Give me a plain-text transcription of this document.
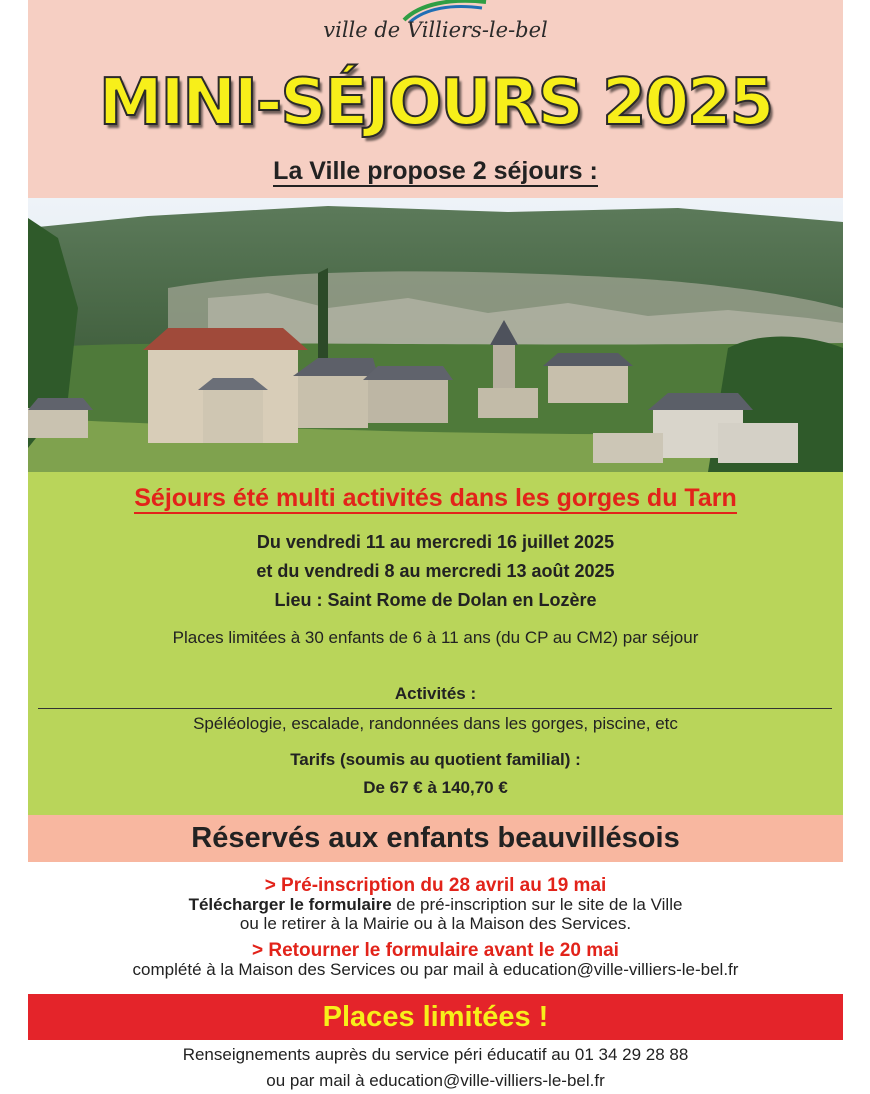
ville de Villiers-le-bel
MINI-SÉJOURS 2025
La Ville propose 2 séjours :
Séjours été multi activités dans les gorges du Tarn
Du vendredi 11 au mercredi 16 juillet 2025
et du vendredi 8 au mercredi 13 août 2025
Lieu : Saint Rome de Dolan en Lozère
Places limitées à 30 enfants de 6 à 11 ans (du CP au CM2) par séjour
Activités :
Spéléologie, escalade, randonnées dans les gorges, piscine, etc
Tarifs (soumis au quotient familial) :
De 67 € à 140,70 €
Réservés aux enfants beauvillésois
> Pré-inscription du 28 avril au 19 mai
Télécharger le formulaire de pré-inscription sur le site de la Ville
ou le retirer à la Mairie ou à la Maison des Services.
> Retourner le formulaire avant le 20 mai
complété à la Maison des Services ou par mail à education@ville-villiers-le-bel.fr
Places limitées !
Renseignements auprès du service péri éducatif au 01 34 29 28 88
ou par mail à education@ville-villiers-le-bel.fr
